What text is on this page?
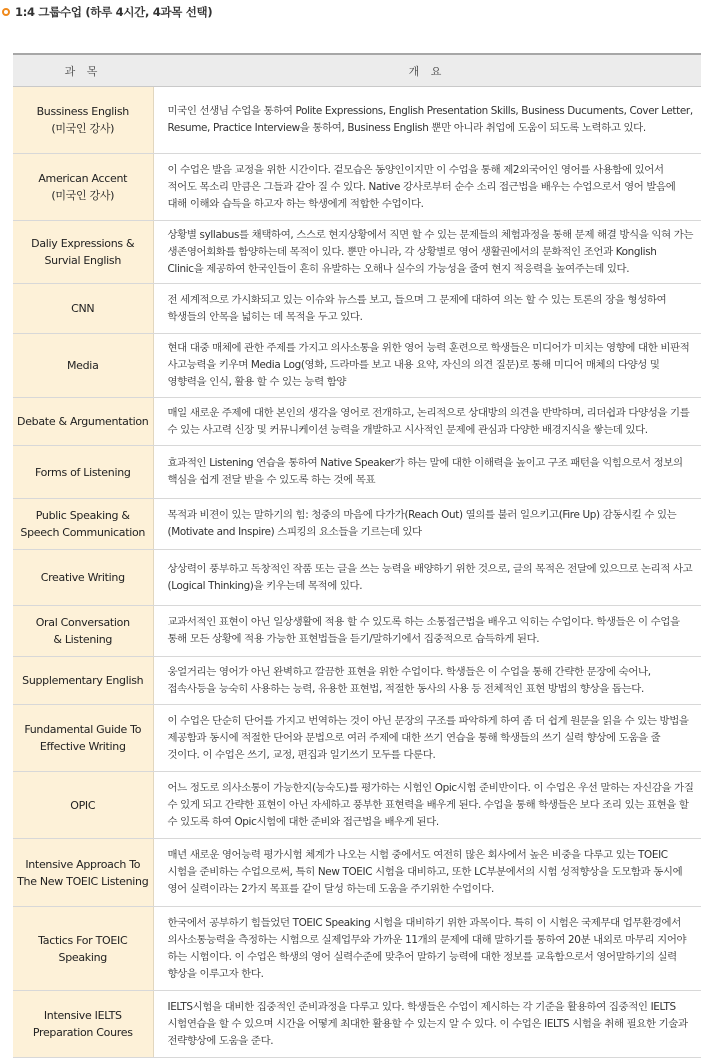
1:4 그룹수업 (하루 4시간, 4과목 선택)
과 목	개 요
Bussiness English
(미국인 강사)	미국인 선생님 수업을 통하여 Polite Expressions, English Presentation Skills, Business Ducuments, Cover Letter, Resume, Practice Interview을 통하여, Business English 뿐만 아니라 취업에 도움이 되도록 노력하고 있다.
American Accent
(미국인 강사)	이 수업은 발음 교정을 위한 시간이다. 겉모습은 동양인이지만 이 수업을 통해 제2외국어인 영어를 사용함에 있어서 적어도 목소리 만큼은 그들과 같아 질 수 있다. Native 강사로부터 순수 소리 접근법을 배우는 수업으로서 영어 발음에 대해 이해와 습득을 하고자 하는 학생에게 적합한 수업이다.
Daliy Expressions &
Survial English	상황별 syllabus를 채택하여, 스스로 현지상황에서 직면 할 수 있는 문제들의 체험과정을 통해 문제 해결 방식을 익혀 가는 생존영어회화를 함양하는데 목적이 있다. 뿐만 아니라, 각 상황별로 영어 생활권에서의 문화적인 조언과 Konglish Clinic을 제공하여 한국인들이 흔히 유발하는 오해나 실수의 가능성을 줄여 현지 적응력을 높여주는데 있다.
CNN	전 세계적으로 가시화되고 있는 이슈와 뉴스를 보고, 들으며 그 문제에 대하여 의논 할 수 있는 토론의 장을 형성하여 학생들의 안목을 넓히는 데 목적을 두고 있다.
Media	현대 대중 매체에 관한 주제를 가지고 의사소통을 위한 영어 능력 훈련으로 학생들은 미디어가 미치는 영향에 대한 비판적 사고능력을 키우며 Media Log(영화, 드라마를 보고 내용 요약, 자신의 의견 질문)로 통해 미디어 매체의 다양성 및 영향력을 인식, 활용 할 수 있는 능력 함양
Debate & Argumentation	매일 새로운 주제에 대한 본인의 생각을 영어로 전개하고, 논리적으로 상대방의 의견을 반박하며, 리더쉽과 다양성을 기를 수 있는 사고력 신장 및 커뮤니케이션 능력을 개발하고 시사적인 문제에 관심과 다양한 배경지식을 쌓는데 있다.
Forms of Listening	효과적인 Listening 연습을 통하여 Native Speaker가 하는 말에 대한 이해력을 높이고 구조 패턴을 익힘으로서 정보의 핵심을 쉽게 전달 받을 수 있도록 하는 것에 목표
Public Speaking &
Speech Communication	목적과 비젼이 있는 말하기의 힘: 청중의 마음에 다가가(Reach Out) 열의를 불러 일으키고(Fire Up) 감동시킬 수 있는 (Motivate and Inspire) 스피킹의 요소들을 기르는데 있다
Creative Writing	상상력이 풍부하고 독창적인 작품 또는 글을 쓰는 능력을 배양하기 위한 것으로, 글의 목적은 전달에 있으므로 논리적 사고(Logical Thinking)을 키우는데 목적에 있다.
Oral Conversation
& Listening	교과서적인 표현이 아닌 일상생활에 적용 할 수 있도록 하는 소통접근법을 배우고 익히는 수업이다. 학생들은 이 수업을 통해 모든 상황에 적용 가능한 표현법들을 듣기/말하기에서 집중적으로 습득하게 된다.
Supplementary English	웅얼거리는 영어가 아닌 완벽하고 깔끔한 표현을 위한 수업이다. 학생들은 이 수업을 통해 간략한 문장에 숙어나, 접속사등을 능숙히 사용하는 능력, 유용한 표현법, 적절한 동사의 사용 등 전체적인 표현 방법의 향상을 돕는다.
Fundamental Guide To
Effective Writing	이 수업은 단순히 단어를 가지고 번역하는 것이 아닌 문장의 구조를 파악하게 하여 좀 더 쉽게 원문을 읽을 수 있는 방법을 제공함과 동시에 적절한 단어와 문법으로 여러 주제에 대한 쓰기 연습을 통해 학생들의 쓰기 실력 향상에 도움을 줄 것이다. 이 수업은 쓰기, 교정, 편집과 일기쓰기 모두를 다룬다.
OPIC	어느 정도로 의사소통이 가능한지(능숙도)를 평가하는 시험인 Opic시험 준비반이다. 이 수업은 우선 말하는 자신감을 가질 수 있게 되고 간략한 표현이 아닌 자세하고 풍부한 표현력을 배우게 된다. 수업을 통해 학생들은 보다 조리 있는 표현을 할 수 있도록 하여 Opic시험에 대한 준비와 접근법을 배우게 된다.
Intensive Approach To
The New TOEIC Listening	매년 새로운 영어능력 평가시험 체계가 나오는 시험 중에서도 여전히 많은 회사에서 높은 비중을 다루고 있는 TOEIC 시험을 준비하는 수업으로써, 특히 New TOEIC 시험을 대비하고, 또한 LC부분에서의 시험 성적향상을 도모함과 동시에 영어 실력이라는 2가지 목표를 같이 달성 하는데 도움을 주기위한 수업이다.
Tactics For TOEIC
Speaking	한국에서 공부하기 힘들었던 TOEIC Speaking 시험을 대비하기 위한 과목이다. 특히 이 시험은 국제무대 업무환경에서 의사소통능력을 측정하는 시험으로 실제업무와 가까운 11개의 문제에 대해 말하기를 통하여 20분 내외로 마무리 지어야 하는 시험이다. 이 수업은 학생의 영어 실력수준에 맞추어 말하기 능력에 대한 정보를 교육함으로서 영어말하기의 실력 향상을 이루고자 한다.
Intensive IELTS
Preparation Coures	IELTS시험을 대비한 집중적인 준비과정을 다루고 있다. 학생들은 수업이 제시하는 각 기준을 활용하여 집중적인 IELTS 시험연습을 할 수 있으며 시간을 어떻게 최대한 활용할 수 있는지 알 수 있다. 이 수업은 IELTS 시험을 취해 필요한 기술과 전략향상에 도움을 준다.
